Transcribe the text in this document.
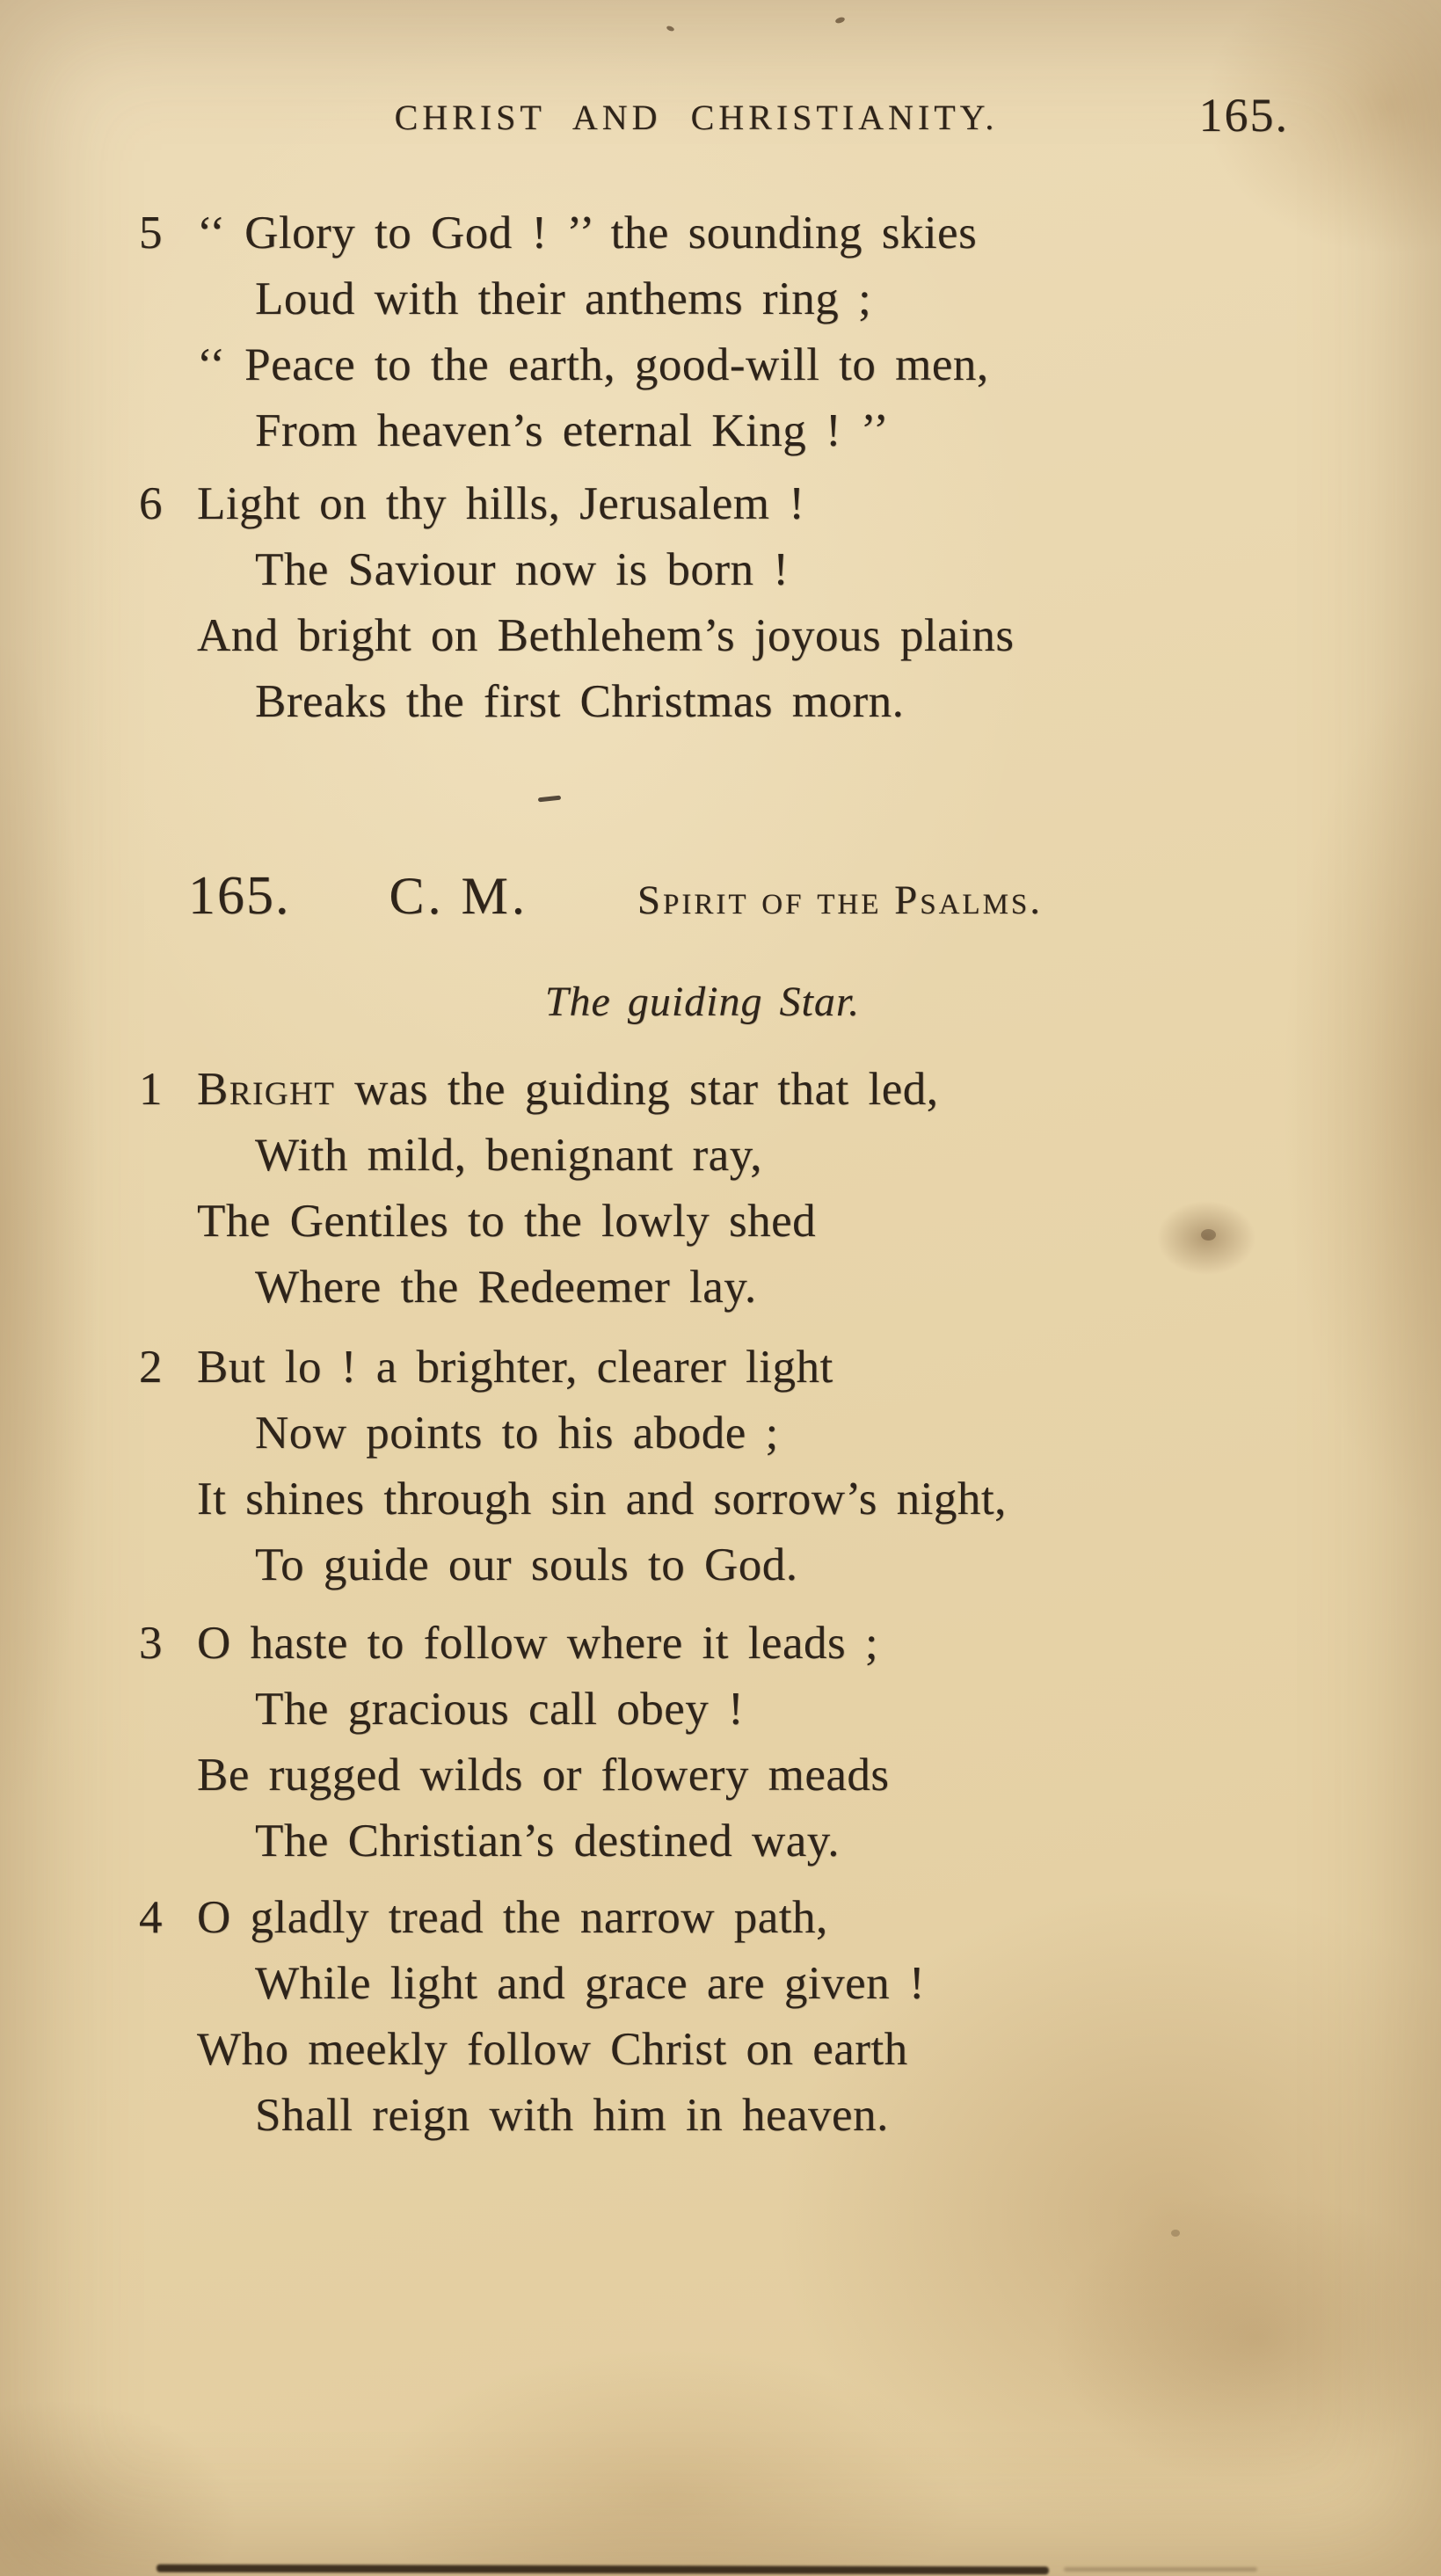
CHRIST AND CHRISTIANITY.	165.
5 ‘‘ Glory to God ! ’’ the sounding skies
Loud with their anthems ring ;
‘‘ Peace to the earth, good-will to men,
From heaven’s eternal King ! ’’
6 Light on thy hills, Jerusalem !
The Saviour now is born !
And bright on Bethlehem’s joyous plains
Breaks the first Christmas morn.
165. C. M.	Spirit of the Psalms.
The guiding Star.
1 Bright was the guiding star that led,
With mild, benignant ray,
The Gentiles to the lowly shed
Where the Redeemer lay.
2 But lo ! a brighter, clearer light
Now points to his abode ;
It shines through sin and sorrow’s night,
To guide our souls to God.
3 O haste to follow where it leads ;
The gracious call obey !
Be rugged wilds or flowery meads
The Christian’s destined way.
4 O gladly tread the narrow path,
While light and grace are given !
Who meekly follow Christ on earth
Shall reign with him in heaven.
